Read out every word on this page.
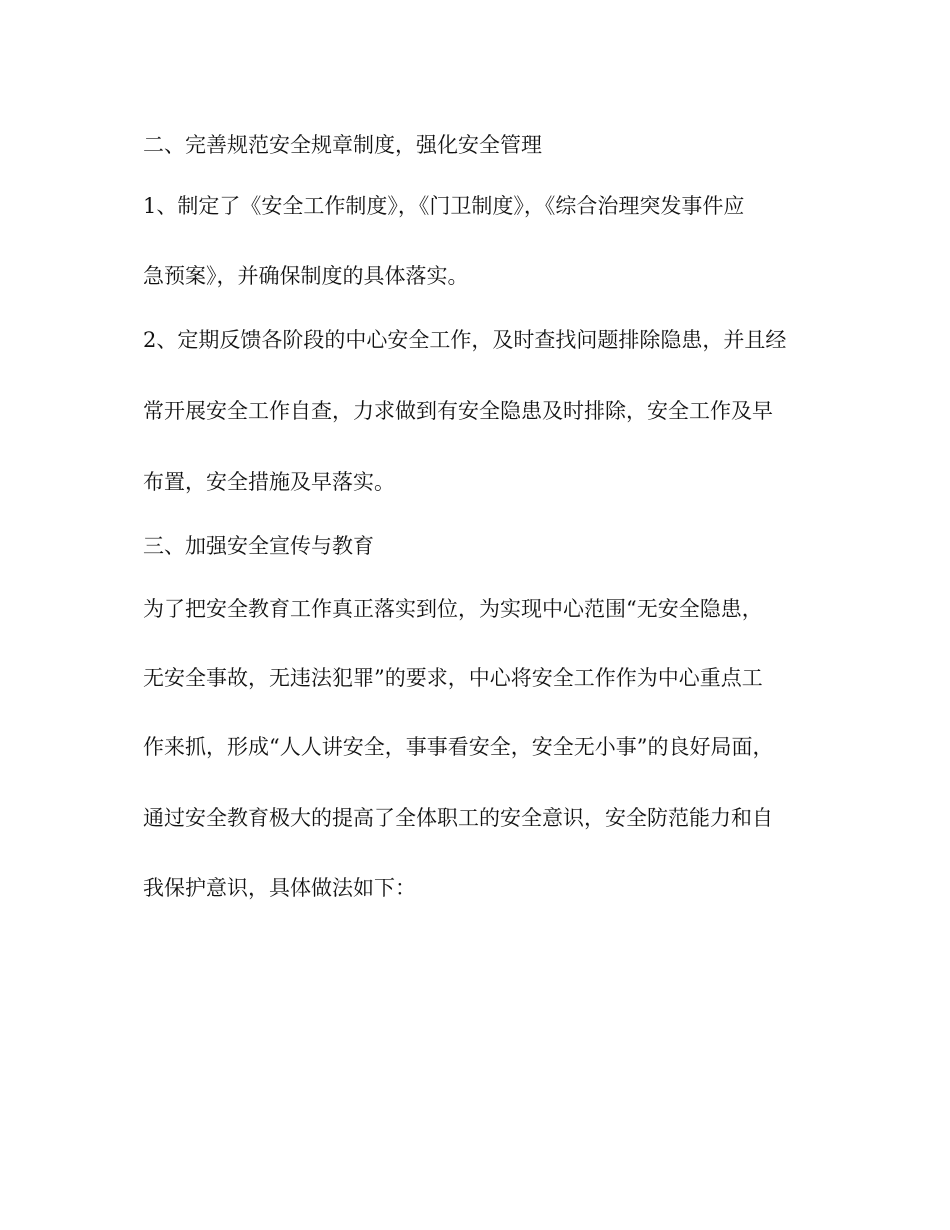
二、完善规范安全规章制度，强化安全管理
1、制定了《安全工作制度》，《门卫制度》，《综合治理突发事件应
急预案》，并确保制度的具体落实。
2、定期反馈各阶段的中心安全工作，及时查找问题排除隐患，并且经
常开展安全工作自查，力求做到有安全隐患及时排除，安全工作及早
布置，安全措施及早落实。
三、加强安全宣传与教育
为了把安全教育工作真正落实到位，为实现中心范围“无安全隐患，
无安全事故，无违法犯罪”的要求，中心将安全工作作为中心重点工
作来抓，形成“人人讲安全，事事看安全，安全无小事”的良好局面，
通过安全教育极大的提高了全体职工的安全意识，安全防范能力和自
我保护意识，具体做法如下：
